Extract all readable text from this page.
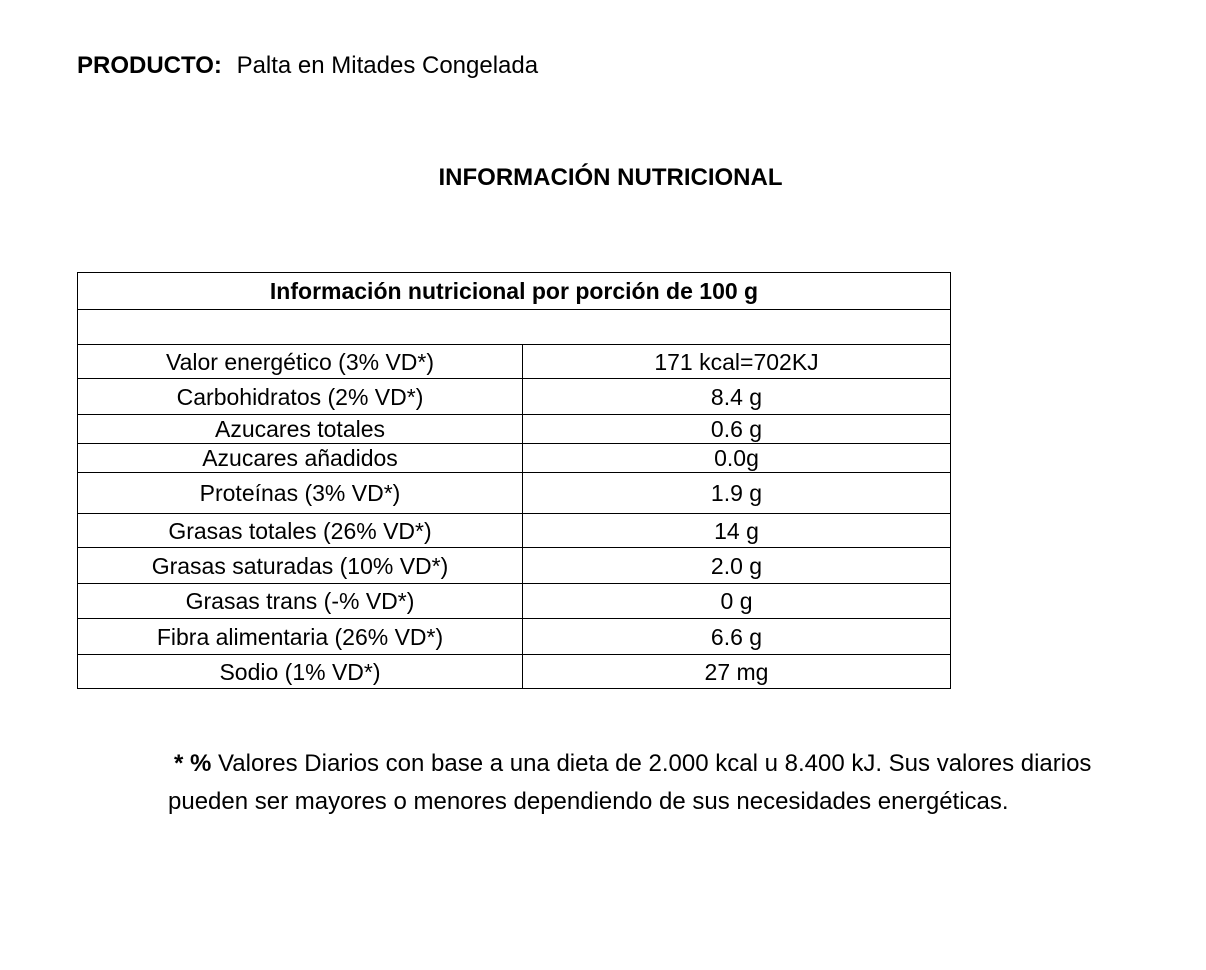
PRODUCTO: Palta en Mitades Congelada
INFORMACIÓN NUTRICIONAL
Información nutricional por porción de 100 g	

Valor energético (3% VD*)	171 kcal=702KJ
Carbohidratos (2% VD*)	8.4 g
Azucares totales	0.6 g
Azucares añadidos	0.0g
Proteínas (3% VD*)	1.9 g
Grasas totales (26% VD*)	14 g
Grasas saturadas (10% VD*)	2.0 g
Grasas trans (-% VD*)	0 g
Fibra alimentaria (26% VD*)	6.6 g
Sodio (1% VD*)	27 mg
* % Valores Diarios con base a una dieta de 2.000 kcal u 8.400 kJ. Sus valores diarios pueden ser mayores o menores dependiendo de sus necesidades energéticas.
